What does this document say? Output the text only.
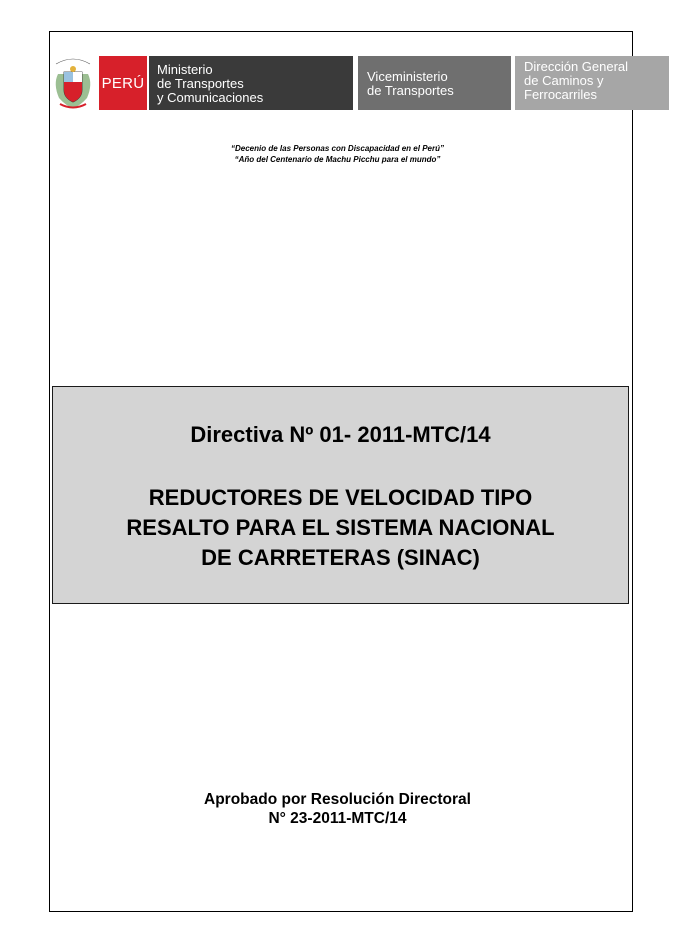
PERÚ
Ministerio
de Transportes
y Comunicaciones
Viceministerio
de Transportes
Dirección General
de Caminos y
Ferrocarriles
“Decenio de las Personas con Discapacidad en el Perú”
“Año del Centenario de Machu Picchu para el mundo”
Directiva Nº 01- 2011-MTC/14
REDUCTORES DE VELOCIDAD TIPO
RESALTO PARA EL SISTEMA NACIONAL
DE CARRETERAS (SINAC)
Aprobado por Resolución Directoral
N° 23-2011-MTC/14
